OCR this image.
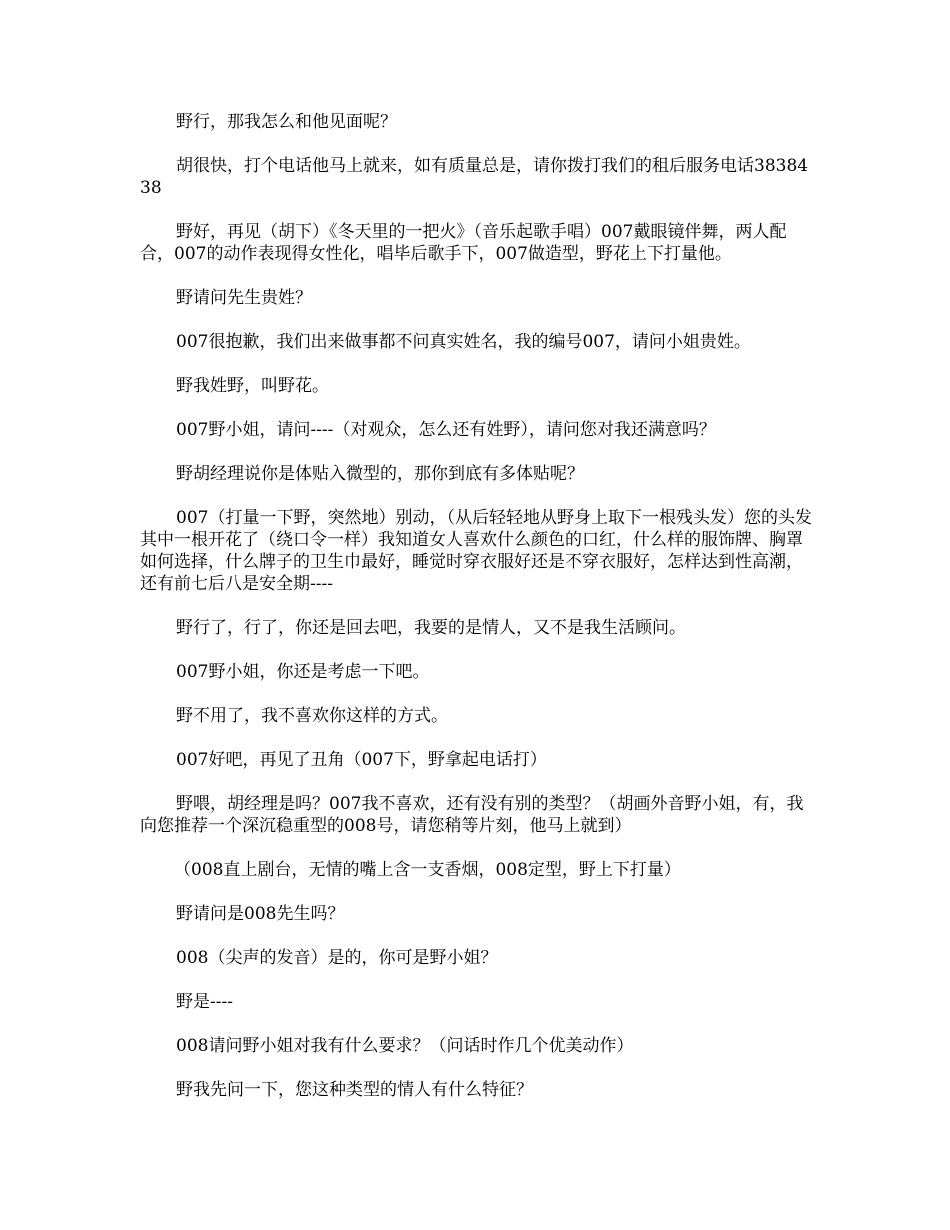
野行，那我怎么和他见面呢？

胡很快，打个电话他马上就来，如有质量总是，请你拨打我们的租后服务电话3838438

野好，再见（胡下）《冬天里的一把火》（音乐起歌手唱）007戴眼镜伴舞，两人配合，007的动作表现得女性化，唱毕后歌手下，007做造型，野花上下打量他。

野请问先生贵姓？

007很抱歉，我们出来做事都不问真实姓名，我的编号007，请问小姐贵姓。

野我姓野，叫野花。

007野小姐，请问----（对观众，怎么还有姓野），请问您对我还满意吗？

野胡经理说你是体贴入微型的，那你到底有多体贴呢？

007（打量一下野，突然地）别动，（从后轻轻地从野身上取下一根残头发）您的头发其中一根开花了（绕口令一样）我知道女人喜欢什么颜色的口红，什么样的服饰牌、胸罩如何选择，什么牌子的卫生巾最好，睡觉时穿衣服好还是不穿衣服好，怎样达到性高潮，还有前七后八是安全期----

野行了，行了，你还是回去吧，我要的是情人，又不是我生活顾问。

007野小姐，你还是考虑一下吧。

野不用了，我不喜欢你这样的方式。

007好吧，再见了丑角（007下，野拿起电话打）

野喂，胡经理是吗？007我不喜欢，还有没有别的类型？（胡画外音野小姐，有，我向您推荐一个深沉稳重型的008号，请您稍等片刻，他马上就到）

（008直上剧台，无情的嘴上含一支香烟，008定型，野上下打量）

野请问是008先生吗？

008（尖声的发音）是的，你可是野小姐？

野是----

008请问野小姐对我有什么要求？（问话时作几个优美动作）

野我先问一下，您这种类型的情人有什么特征？
